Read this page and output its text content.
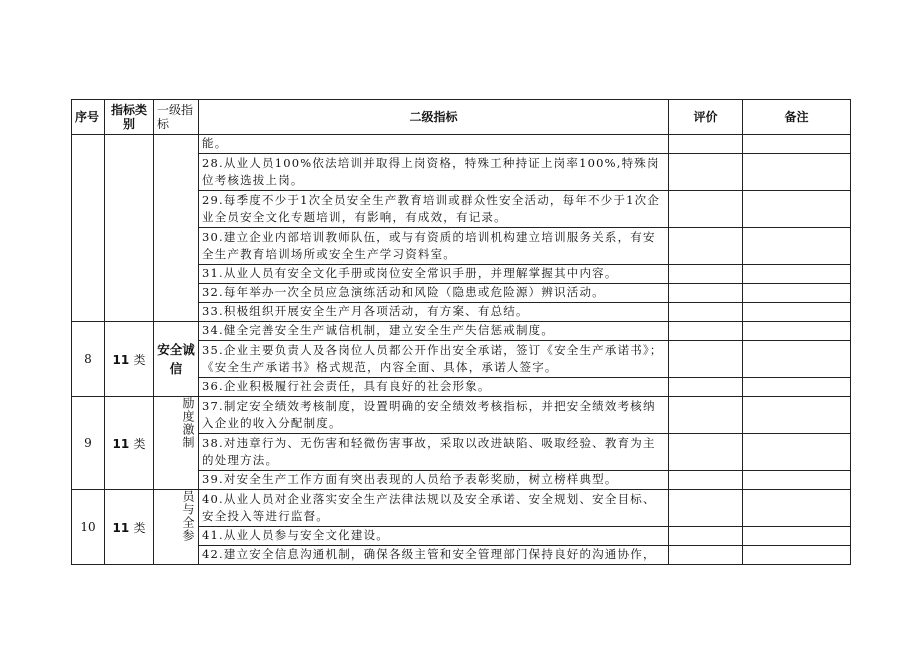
序号	指标类别	一级指标	二级指标	评价	备注
			能。		
			28.从业人员100%依法培训并取得上岗资格，特殊工种持证上岗率100%,特殊岗位考核选拔上岗。		
			29.每季度不少于1次全员安全生产教育培训或群众性安全活动，每年不少于1次企业全员安全文化专题培训，有影响，有成效，有记录。		
			30.建立企业内部培训教师队伍，或与有资质的培训机构建立培训服务关系，有安全生产教育培训场所或安全生产学习资料室。		
			31.从业人员有安全文化手册或岗位安全常识手册，并理解掌握其中内容。		
			32.每年举办一次全员应急演练活动和风险（隐患或危险源）辨识活动。		
			33.积极组织开展安全生产月各项活动，有方案、有总结。		
8	11 类	安全诚信	34.健全完善安全生产诚信机制，建立安全生产失信惩戒制度。		
			35.企业主要负责人及各岗位人员都公开作出安全承诺，签订《安全生产承诺书》；《安全生产承诺书》格式规范，内容全面、具体，承诺人签字。		
			36.企业积极履行社会责任，具有良好的社会形象。		
9	11 类	励度激制	37.制定安全绩效考核制度，设置明确的安全绩效考核指标，并把安全绩效考核纳入企业的收入分配制度。		
			38.对违章行为、无伤害和轻微伤害事故，采取以改进缺陷、吸取经验、教育为主的处理方法。		
			39.对安全生产工作方面有突出表现的人员给予表彰奖励，树立榜样典型。		
10	11 类	员与全参	40.从业人员对企业落实安全生产法律法规以及安全承诺、安全规划、安全目标、安全投入等进行监督。		
			41.从业人员参与安全文化建设。		
			42.建立安全信息沟通机制，确保各级主管和安全管理部门保持良好的沟通协作，		
